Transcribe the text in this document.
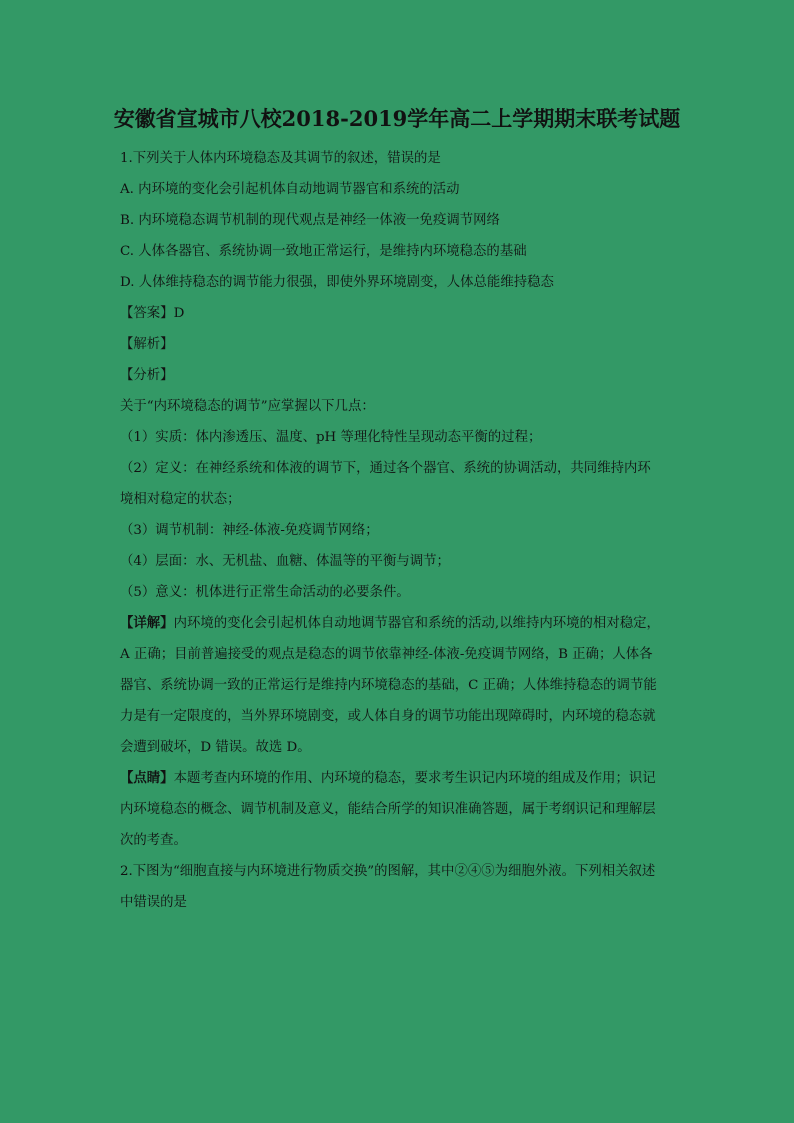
安徽省宣城市八校2018-2019学年高二上学期期末联考试题
1.下列关于人体内环境稳态及其调节的叙述，错误的是
A. 内环境的变化会引起机体自动地调节器官和系统的活动
B. 内环境稳态调节机制的现代观点是神经一体液一免疫调节网络
C. 人体各器官、系统协调一致地正常运行，是维持内环境稳态的基础
D. 人体维持稳态的调节能力很强，即使外界环境剧变，人体总能维持稳态
【答案】D
【解析】
【分析】
关于“内环境稳态的调节”应掌握以下几点：
（1）实质：体内渗透压、温度、pH 等理化特性呈现动态平衡的过程；
（2）定义：在神经系统和体液的调节下，通过各个器官、系统的协调活动，共同维持内环
境相对稳定的状态；
（3）调节机制：神经-体液-免疫调节网络；
（4）层面：水、无机盐、血糖、体温等的平衡与调节；
（5）意义：机体进行正常生命活动的必要条件。
【详解】内环境的变化会引起机体自动地调节器官和系统的活动,以维持内环境的相对稳定，
A 正确；目前普遍接受的观点是稳态的调节依靠神经-体液-免疫调节网络，B 正确；人体各
器官、系统协调一致的正常运行是维持内环境稳态的基础，C 正确；人体维持稳态的调节能
力是有一定限度的，当外界环境剧变，或人体自身的调节功能出现障碍时，内环境的稳态就
会遭到破坏，D 错误。故选 D。
【点睛】本题考查内环境的作用、内环境的稳态，要求考生识记内环境的组成及作用；识记
内环境稳态的概念、调节机制及意义，能结合所学的知识准确答题，属于考纲识记和理解层
次的考查。
2.下图为“细胞直接与内环境进行物质交换”的图解，其中②④⑤为细胞外液。下列相关叙述
中错误的是
